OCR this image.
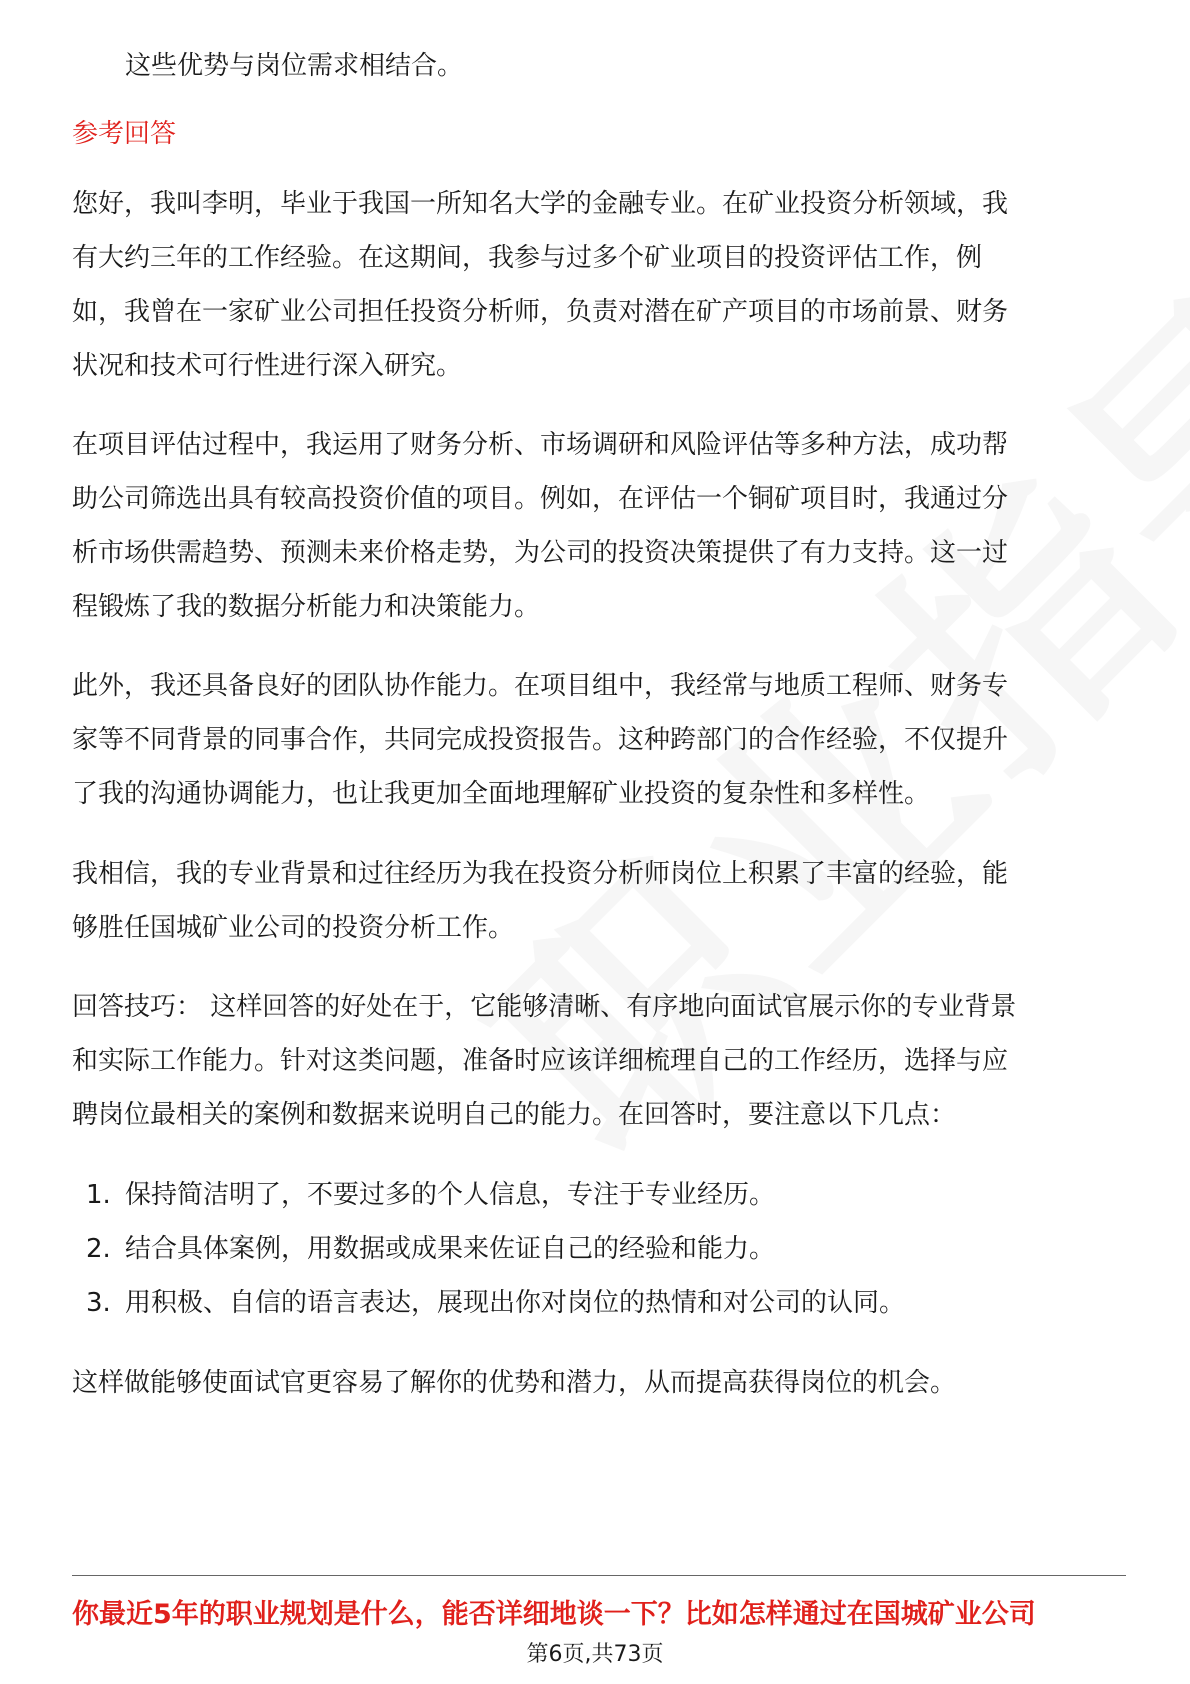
这些优势与岗位需求相结合。
参考回答
您好，我叫李明，毕业于我国一所知名大学的金融专业。在矿业投资分析领域，我
有大约三年的工作经验。在这期间，我参与过多个矿业项目的投资评估工作，例
如，我曾在一家矿业公司担任投资分析师，负责对潜在矿产项目的市场前景、财务
状况和技术可行性进行深入研究。
在项目评估过程中，我运用了财务分析、市场调研和风险评估等多种方法，成功帮
助公司筛选出具有较高投资价值的项目。例如，在评估一个铜矿项目时，我通过分
析市场供需趋势、预测未来价格走势，为公司的投资决策提供了有力支持。这一过
程锻炼了我的数据分析能力和决策能力。
此外，我还具备良好的团队协作能力。在项目组中，我经常与地质工程师、财务专
家等不同背景的同事合作，共同完成投资报告。这种跨部门的合作经验，不仅提升
了我的沟通协调能力，也让我更加全面地理解矿业投资的复杂性和多样性。
我相信，我的专业背景和过往经历为我在投资分析师岗位上积累了丰富的经验，能
够胜任国城矿业公司的投资分析工作。
回答技巧： 这样回答的好处在于，它能够清晰、有序地向面试官展示你的专业背景
和实际工作能力。针对这类问题，准备时应该详细梳理自己的工作经历，选择与应
聘岗位最相关的案例和数据来说明自己的能力。在回答时，要注意以下几点：
1. 保持简洁明了，不要过多的个人信息，专注于专业经历。
2. 结合具体案例，用数据或成果来佐证自己的经验和能力。
3. 用积极、自信的语言表达，展现出你对岗位的热情和对公司的认同。
这样做能够使面试官更容易了解你的优势和潜力，从而提高获得岗位的机会。
你最近5年的职业规划是什么，能否详细地谈一下？比如怎样通过在国城矿业公司
第6页,共73页
